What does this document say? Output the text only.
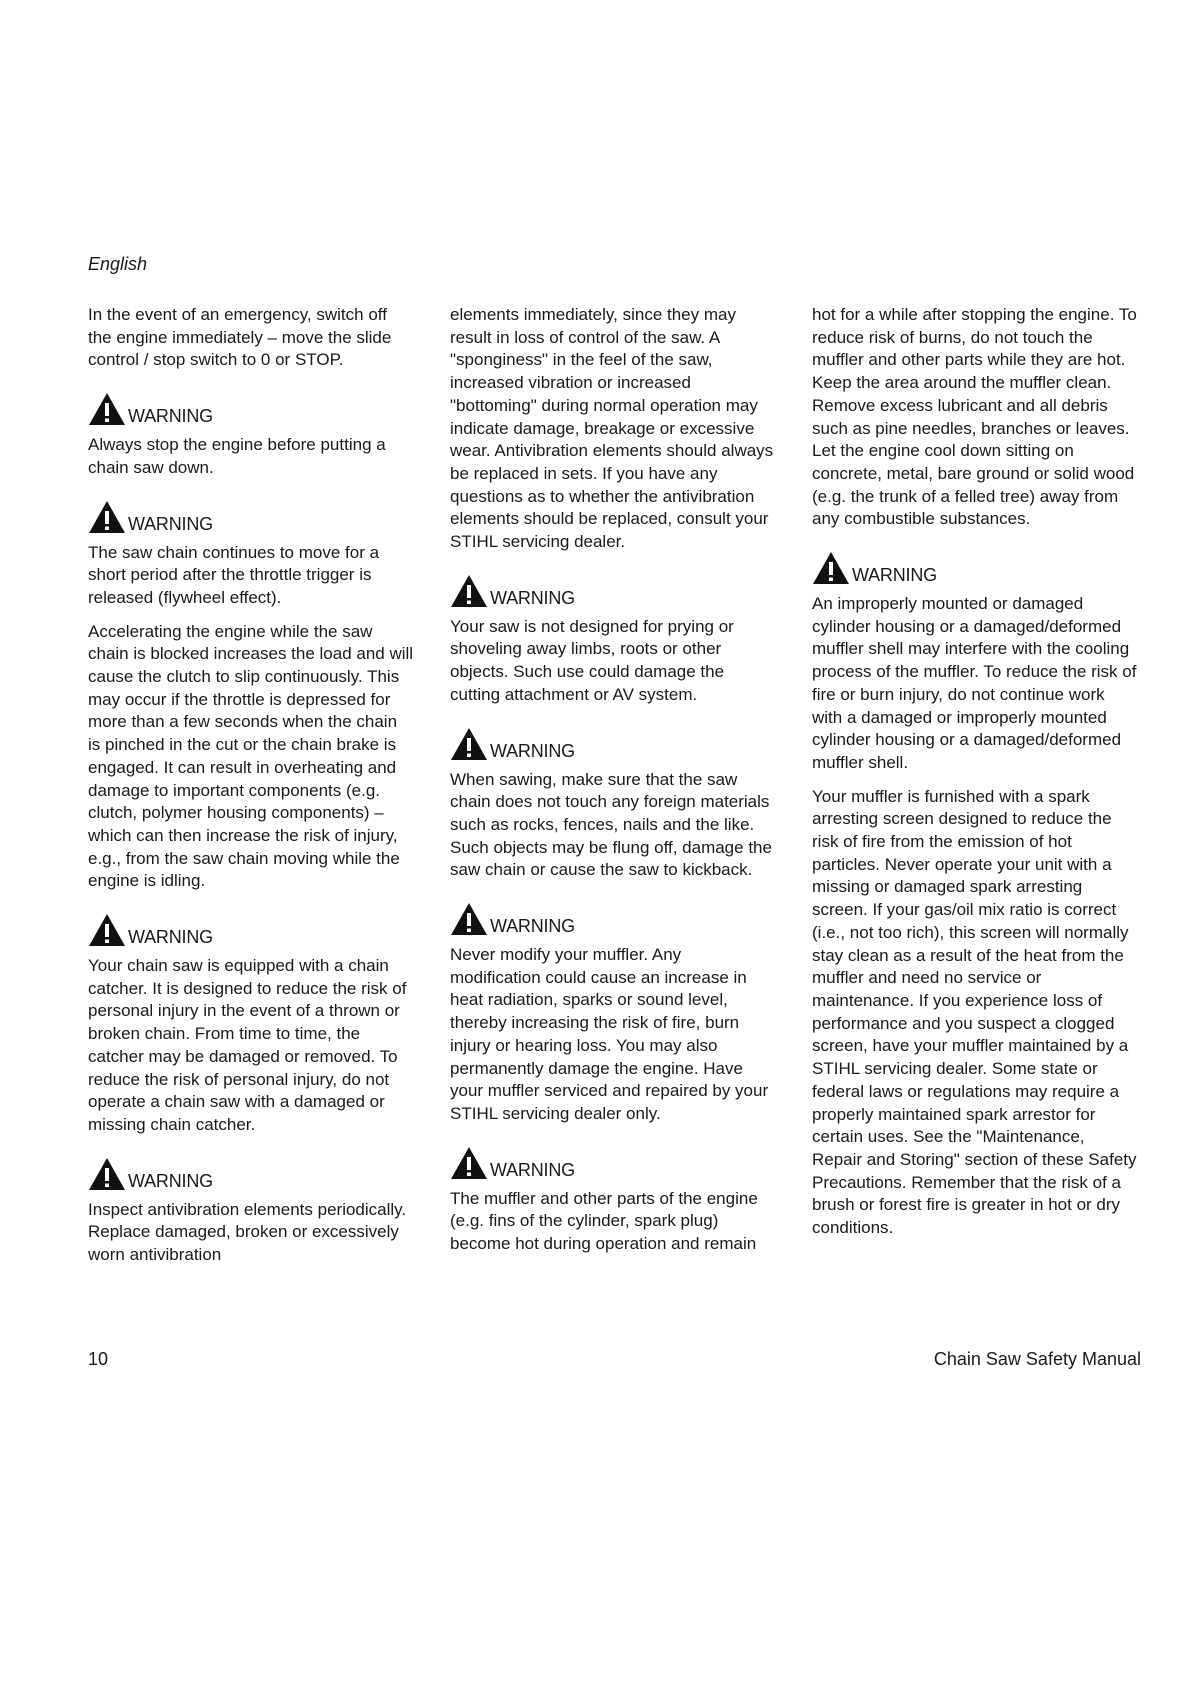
English

In the event of an emergency, switch off the engine immediately – move the slide control / stop switch to 0 or STOP.

WARNING

Always stop the engine before putting a chain saw down.

WARNING

The saw chain continues to move for a short period after the throttle trigger is released (flywheel effect).

Accelerating the engine while the saw chain is blocked increases the load and will cause the clutch to slip continuously. This may occur if the throttle is depressed for more than a few seconds when the chain is pinched in the cut or the chain brake is engaged. It can result in overheating and damage to important components (e.g. clutch, polymer housing components) – which can then increase the risk of injury, e.g., from the saw chain moving while the engine is idling.

WARNING

Your chain saw is equipped with a chain catcher. It is designed to reduce the risk of personal injury in the event of a thrown or broken chain. From time to time, the catcher may be damaged or removed. To reduce the risk of personal injury, do not operate a chain saw with a damaged or missing chain catcher.

WARNING

Inspect antivibration elements periodically. Replace damaged, broken or excessively worn antivibration

elements immediately, since they may result in loss of control of the saw. A "sponginess" in the feel of the saw, increased vibration or increased "bottoming" during normal operation may indicate damage, breakage or excessive wear. Antivibration elements should always be replaced in sets. If you have any questions as to whether the antivibration elements should be replaced, consult your STIHL servicing dealer.

WARNING

Your saw is not designed for prying or shoveling away limbs, roots or other objects. Such use could damage the cutting attachment or AV system.

WARNING

When sawing, make sure that the saw chain does not touch any foreign materials such as rocks, fences, nails and the like. Such objects may be flung off, damage the saw chain or cause the saw to kickback.

WARNING

Never modify your muffler. Any modification could cause an increase in heat radiation, sparks or sound level, thereby increasing the risk of fire, burn injury or hearing loss. You may also permanently damage the engine. Have your muffler serviced and repaired by your STIHL servicing dealer only.

WARNING

The muffler and other parts of the engine (e.g. fins of the cylinder, spark plug) become hot during operation and remain

hot for a while after stopping the engine. To reduce risk of burns, do not touch the muffler and other parts while they are hot. Keep the area around the muffler clean. Remove excess lubricant and all debris such as pine needles, branches or leaves. Let the engine cool down sitting on concrete, metal, bare ground or solid wood (e.g. the trunk of a felled tree) away from any combustible substances.

WARNING

An improperly mounted or damaged cylinder housing or a damaged/deformed muffler shell may interfere with the cooling process of the muffler. To reduce the risk of fire or burn injury, do not continue work with a damaged or improperly mounted cylinder housing or a damaged/deformed muffler shell.

Your muffler is furnished with a spark arresting screen designed to reduce the risk of fire from the emission of hot particles. Never operate your unit with a missing or damaged spark arresting screen. If your gas/oil mix ratio is correct (i.e., not too rich), this screen will normally stay clean as a result of the heat from the muffler and need no service or maintenance. If you experience loss of performance and you suspect a clogged screen, have your muffler maintained by a STIHL servicing dealer. Some state or federal laws or regulations may require a properly maintained spark arrestor for certain uses. See the "Maintenance, Repair and Storing" section of these Safety Precautions. Remember that the risk of a brush or forest fire is greater in hot or dry conditions.

10	Chain Saw Safety Manual
